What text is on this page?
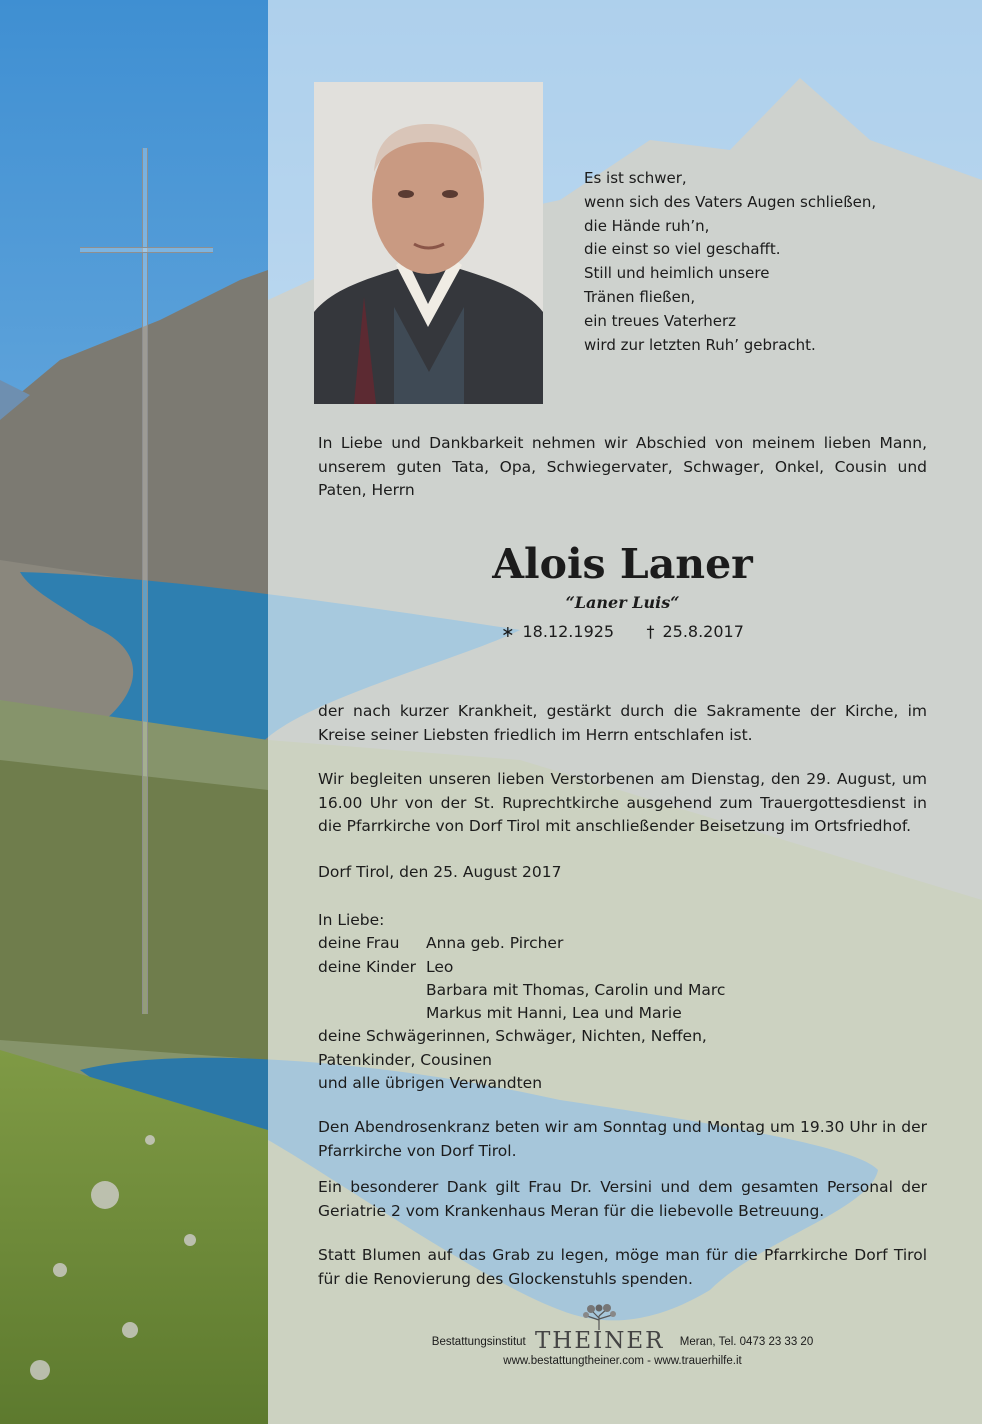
Es ist schwer,
wenn sich des Vaters Augen schließen,
die Hände ruh’n,
die einst so viel geschafft.
Still und heimlich unsere
Tränen fließen,
ein treues Vaterherz
wird zur letzten Ruh’ gebracht.
In Liebe und Dankbarkeit nehmen wir Abschied von meinem lieben Mann, unserem guten Tata, Opa, Schwiegervater, Schwager, Onkel, Cousin und Paten, Herrn
Alois Laner
“Laner Luis“
∗ 18.12.1925 † 25.8.2017
der nach kurzer Krankheit, gestärkt durch die Sakramente der Kirche, im Kreise seiner Liebsten friedlich im Herrn entschlafen ist.
Wir begleiten unseren lieben Verstorbenen am Dienstag, den 29. August, um 16.00 Uhr von der St. Ruprechtkirche ausgehend zum Trauergottesdienst in die Pfarrkirche von Dorf Tirol mit anschließender Beisetzung im Ortsfriedhof.
Dorf Tirol, den 25. August 2017
In Liebe:
deine Frau Anna geb. Pircher
deine Kinder Leo
Barbara mit Thomas, Carolin und Marc
Markus mit Hanni, Lea und Marie
deine Schwägerinnen, Schwäger, Nichten, Neffen,
Patenkinder, Cousinen
und alle übrigen Verwandten
Den Abendrosenkranz beten wir am Sonntag und Montag um 19.30 Uhr in der Pfarrkirche von Dorf Tirol.
Ein besonderer Dank gilt Frau Dr. Versini und dem gesamten Personal der Geriatrie 2 vom Krankenhaus Meran für die liebevolle Betreuung.
Statt Blumen auf das Grab zu legen, möge man für die Pfarrkirche Dorf Tirol für die Renovierung des Glockenstuhls spenden.
Bestattungsinstitut THEINER Meran, Tel. 0473 23 33 20
www.bestattungtheiner.com - www.trauerhilfe.it
